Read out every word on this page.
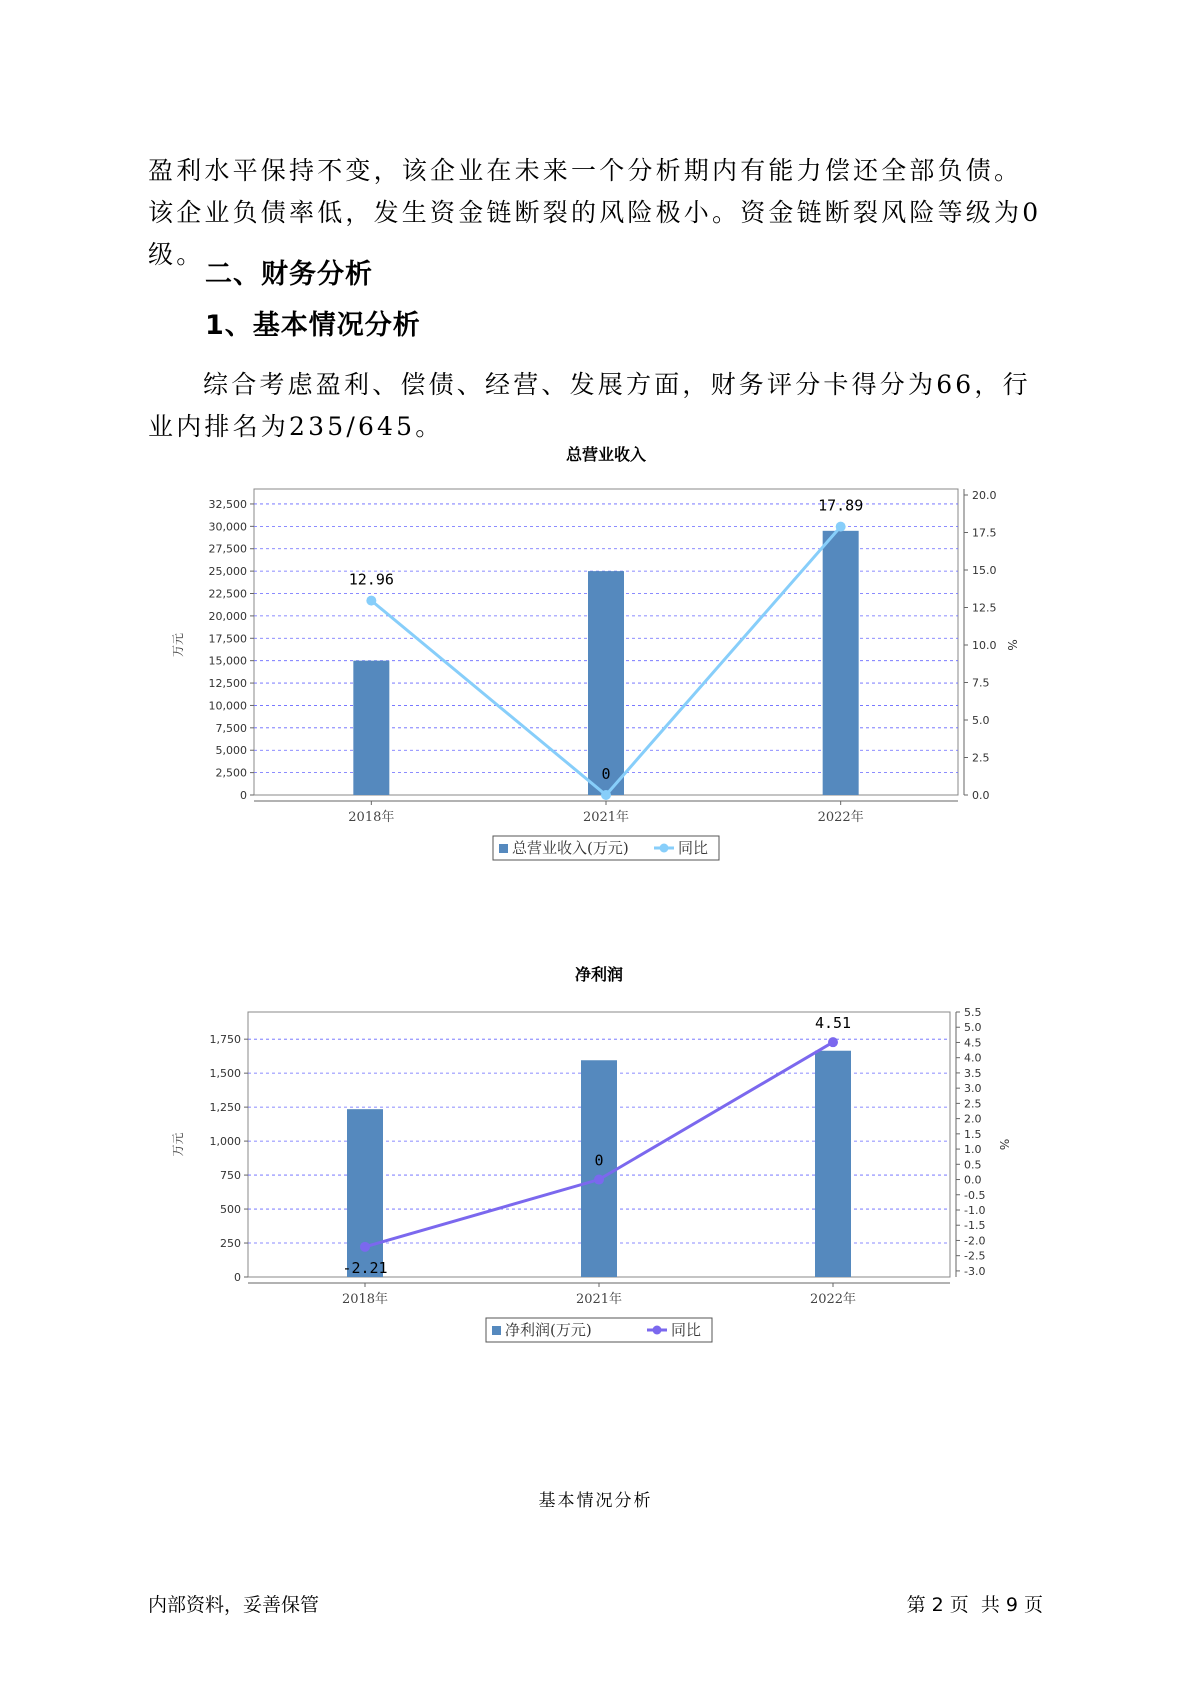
盈利水平保持不变，该企业在未来一个分析期内有能力偿还全部负债。该企业负债率低，发生资金链断裂的风险极小。资金链断裂风险等级为0级。

二、财务分析
1、基本情况分析

综合考虑盈利、偿债、经营、发展方面，财务评分卡得分为66，行业内排名为235/645。

总营业收入
0
2,500
5,000
7,500
10,000
12,500
15,000
17,500
20,000
22,500
25,000
27,500
30,000
32,500
0.0
2.5
5.0
7.5
10.0
12.5
15.0
17.5
20.0
万元	%
2018年	2021年	2022年
12.96
0
17.89
总营业收入(万元)	同比
净利润
0
250
500
750
1,000
1,250
1,500
1,750
-3.0
-2.5
-2.0
-1.5
-1.0
-0.5
0.0
0.5
1.0
1.5
2.0
2.5
3.0
3.5
4.0
4.5
5.0
5.5
万元	%
2018年	2021年	2022年
-2.21
0
4.51
净利润(万元)	同比
基本情况分析
内部资料，妥善保管	第 2 页  共 9 页
